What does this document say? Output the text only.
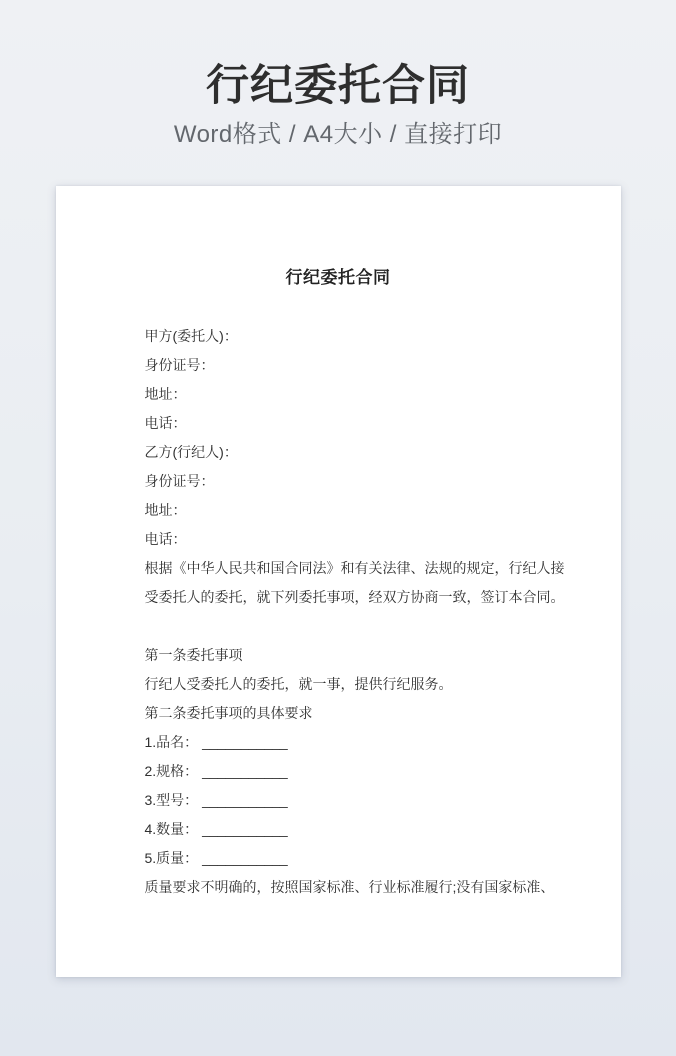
行纪委托合同
Word格式 / A4大小 / 直接打印
行纪委托合同
甲方(委托人)：
身份证号：
地址：
电话：
乙方(行纪人)：
身份证号：
地址：
电话：
根据《中华人民共和国合同法》和有关法律、法规的规定，行纪人接
受委托人的委托，就下列委托事项，经双方协商一致，签订本合同。
第一条委托事项
行纪人受委托人的委托，就一事，提供行纪服务。
第二条委托事项的具体要求
1.品名： ___________
2.规格： ___________
3.型号： ___________
4.数量： ___________
5.质量： ___________
质量要求不明确的，按照国家标准、行业标准履行;没有国家标准、
